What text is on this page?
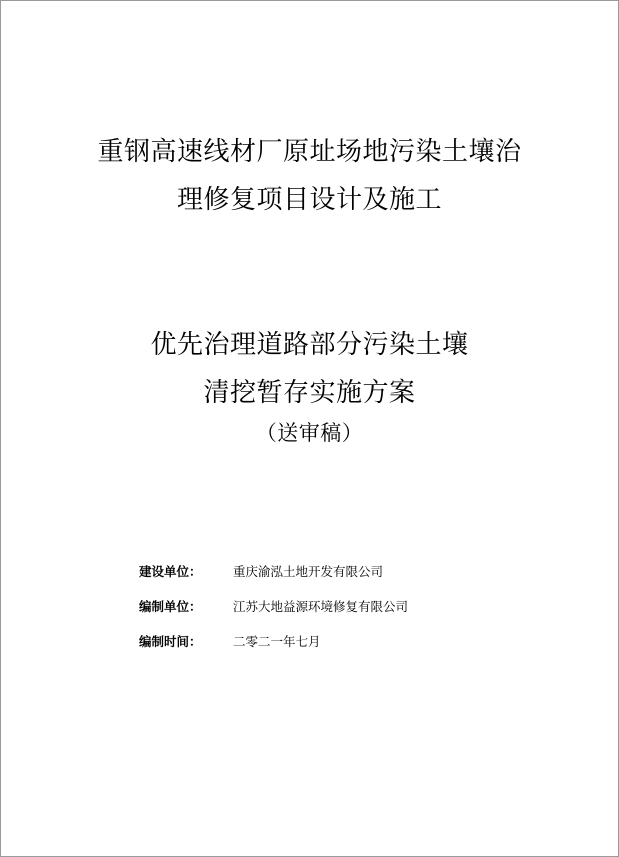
重钢高速线材厂原址场地污染土壤治
理修复项目设计及施工
优先治理道路部分污染土壤
清挖暂存实施方案
（送审稿）
建设单位：	重庆渝泓土地开发有限公司
编制单位：	江苏大地益源环境修复有限公司
编制时间：	二零二一年七月
